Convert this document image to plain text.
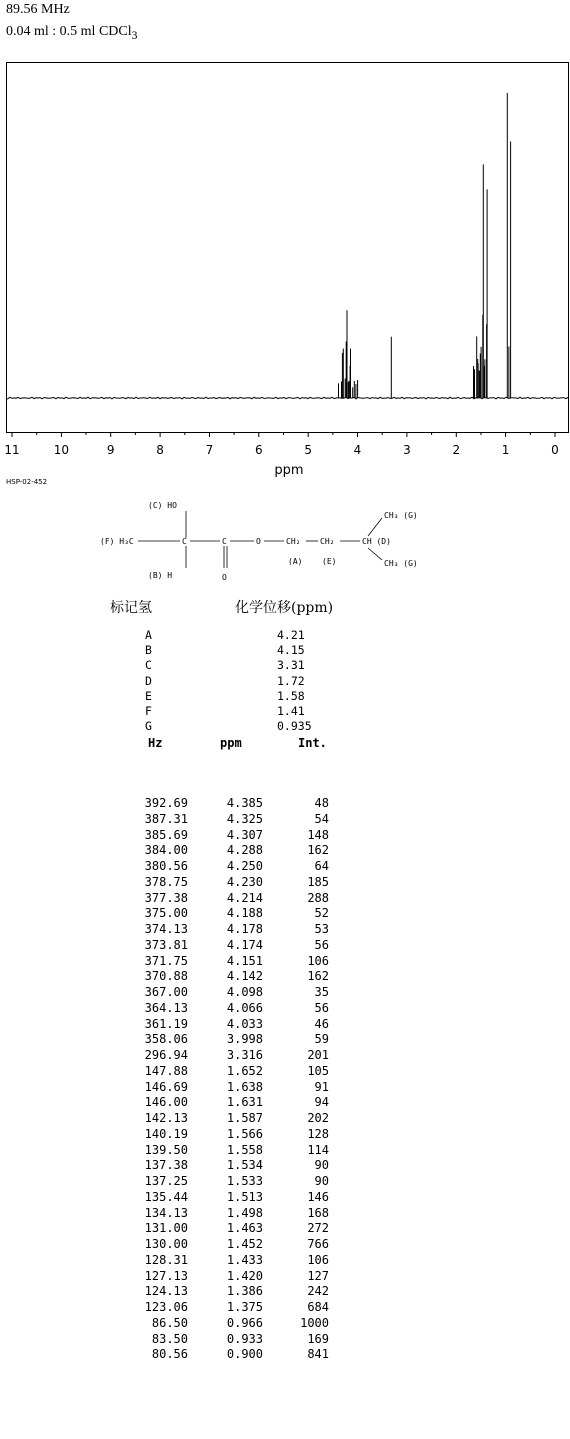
89.56 MHz
0.04 ml : 0.5 ml CDCl$_3$
11	10	9	8	7	6	5	4	3	2	1	0
ppm
HSP-02-452
(C) HO
(F) H₃C	C	C
(B) H	O
O	CH₂
(A)
CH₂
(E)
CH (D)
CH₃ (G)
CH₃ (G)
标记氢	化学位移(ppm)
A	4.21
B	4.15
C	3.31
D	1.72
E	1.58
F	1.41
G	0.935
Hz	ppm	Int.
392.69	4.385	48
387.31	4.325	54
385.69	4.307	148
384.00	4.288	162
380.56	4.250	64
378.75	4.230	185
377.38	4.214	288
375.00	4.188	52
374.13	4.178	53
373.81	4.174	56
371.75	4.151	106
370.88	4.142	162
367.00	4.098	35
364.13	4.066	56
361.19	4.033	46
358.06	3.998	59
296.94	3.316	201
147.88	1.652	105
146.69	1.638	91
146.00	1.631	94
142.13	1.587	202
140.19	1.566	128
139.50	1.558	114
137.38	1.534	90
137.25	1.533	90
135.44	1.513	146
134.13	1.498	168
131.00	1.463	272
130.00	1.452	766
128.31	1.433	106
127.13	1.420	127
124.13	1.386	242
123.06	1.375	684
86.50	0.966	1000
83.50	0.933	169
80.56	0.900	841
